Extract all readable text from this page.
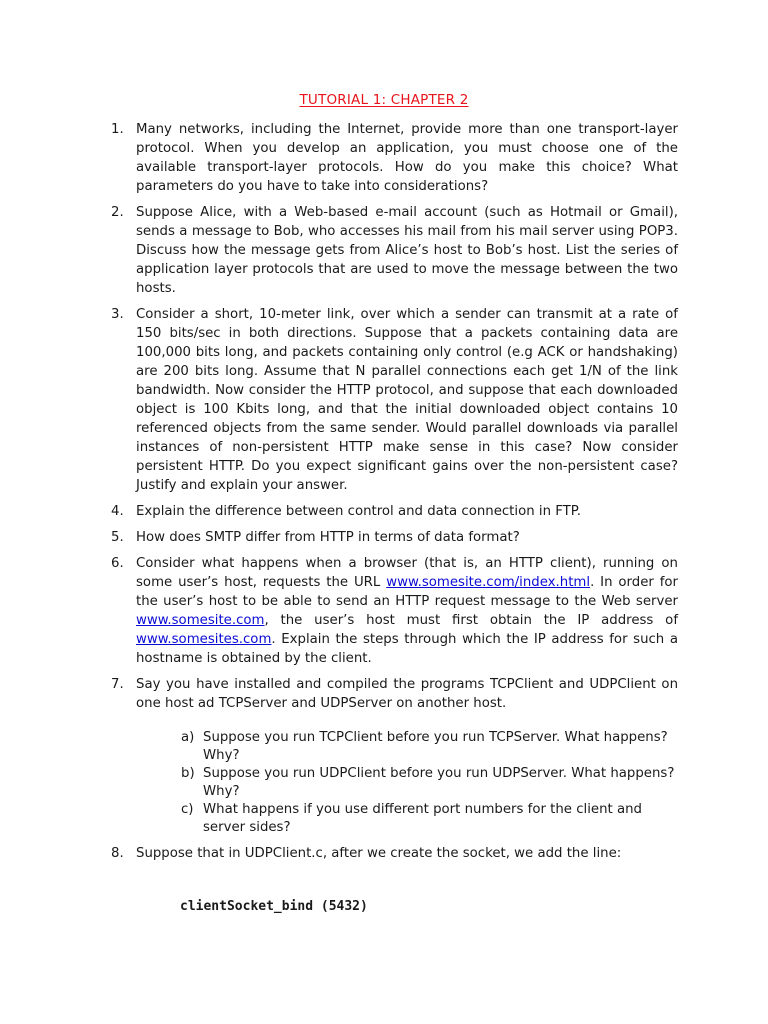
TUTORIAL 1: CHAPTER 2
1. Many networks, including the Internet, provide more than one transport-layer protocol. When you develop an application, you must choose one of the available transport-layer protocols. How do you make this choice? What parameters do you have to take into considerations?
2. Suppose Alice, with a Web-based e-mail account (such as Hotmail or Gmail), sends a message to Bob, who accesses his mail from his mail server using POP3. Discuss how the message gets from Alice’s host to Bob’s host. List the series of application layer protocols that are used to move the message between the two hosts.
3. Consider a short, 10-meter link, over which a sender can transmit at a rate of 150 bits/sec in both directions. Suppose that a packets containing data are 100,000 bits long, and packets containing only control (e.g ACK or handshaking) are 200 bits long. Assume that N parallel connections each get 1/N of the link bandwidth. Now consider the HTTP protocol, and suppose that each downloaded object is 100 Kbits long, and that the initial downloaded object contains 10 referenced objects from the same sender. Would parallel downloads via parallel instances of non-persistent HTTP make sense in this case? Now consider persistent HTTP. Do you expect significant gains over the non-persistent case? Justify and explain your answer.
4. Explain the difference between control and data connection in FTP.
5. How does SMTP differ from HTTP in terms of data format?
6. Consider what happens when a browser (that is, an HTTP client), running on some user’s host, requests the URL www.somesite.com/index.html. In order for the user’s host to be able to send an HTTP request message to the Web server www.somesite.com, the user’s host must first obtain the IP address of www.somesites.com. Explain the steps through which the IP address for such a hostname is obtained by the client.
7. Say you have installed and compiled the programs TCPClient and UDPClient on one host ad TCPServer and UDPServer on another host.
a) Suppose you run TCPClient before you run TCPServer. What happens? Why?
b) Suppose you run UDPClient before you run UDPServer. What happens? Why?
c) What happens if you use different port numbers for the client and server sides?
8. Suppose that in UDPClient.c, after we create the socket, we add the line:
clientSocket_bind (5432)
